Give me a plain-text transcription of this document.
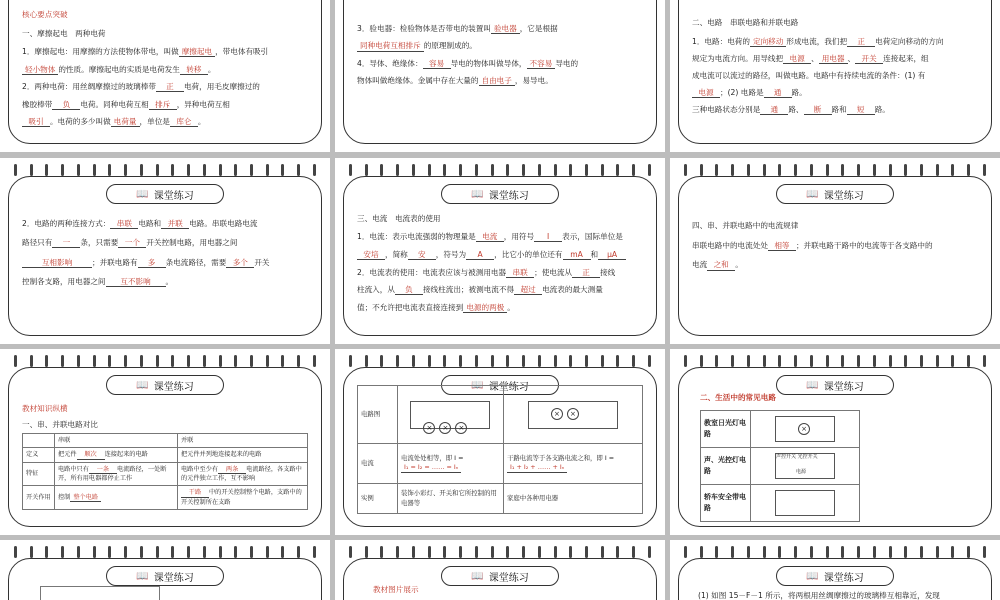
核心要点突破
一、摩擦起电　两种电荷
1．摩擦起电：用摩擦的方法使物体带电，叫做 摩擦起电 ，带电体有吸引
轻小物体 的性质。摩擦起电的实质是电荷发生 转移 。
2．两种电荷：用丝绸摩擦过的玻璃棒带 正 电荷，用毛皮摩擦过的
橡胶棒带 负 电荷。同种电荷互相 排斥 ，异种电荷互相
吸引 。电荷的多少叫做 电荷量 ，单位是 库仑 。
3．验电器：检验物体是否带电的装置叫 验电器 ，它是根据
同种电荷互相排斥 的原理制成的。
4．导体、绝缘体： 容易 导电的物体叫做导体， 不容易 导电的
物体叫做绝缘体。金属中存在大量的 自由电子 ，易导电。
二、电路　串联电路和并联电路
1．电路：电荷的 定向移动 形成电流，我们把 正 电荷定向移动的方向
规定为电流方向。用导线把 电源 、 用电器 、 开关 连接起来，组
成电流可以流过的路径，叫做电路。电路中有持续电流的条件：(1) 有
电源 ；(2) 电路是 通 路。
三种电路状态分别是 通 路、 断 路和 短 路。
📖 课堂练习
2．电路的两种连接方式： 串联 电路和 并联 电路。串联电路电流
路径只有 一 条，只需要 一个 开关控制电路，用电器之间
互相影响	；并联电路有 多 条电流路径，需要 多个 开关
控制各支路，用电器之间 互不影响 。
📖 课堂练习
三、电流　电流表的使用
1．电流：表示电流强弱的物理量是 电流 ，用符号 I 表示，国际单位是
安培 ，简称 安 ，符号为 A ，比它小的单位还有 mA 和 μA
2．电流表的使用：电流表应该与被测用电器 串联 ；使电流从 正 接线
柱流入，从 负 接线柱流出；被测电流不得 超过 电流表的最大测量
值；不允许把电流表直接连接到 电源的两极 。
📖 课堂练习
四、串、并联电路中的电流规律
串联电路中的电流处处 相等 ；并联电路干路中的电流等于各支路中的
电流 之和 。
📖 课堂练习
教材知识纵横
一、串、并联电路对比
	串联	并联
定义	把元件 顺次 连接起来的电路	把元件并列地连接起来的电路
特征	电路中只有 一条 电流路径，一处断开，所有用电器都停止工作	电路中至少有 两条 电流路径，各支路中的元件独立工作，互不影响
开关作用	控制 整个电路	干路 中的开关控制整个电路，支路中的开关控制所在支路
📖 课堂练习
电路图	× × ×	× ×

电流	电流处处相等，即 I =
I₁ = I₂ = …… = Iₙ	干路电流等于各支路电流之和，即 I =I₁ + I₂ + …… + Iₙ
实例	装饰小彩灯、开关和它所控制的用电器等	家庭中各种用电器
📖 课堂练习
二、生活中的常见电路
教室日光灯电路	×

声、光控灯电路	声控开关 光控开关
电源

轿车安全带电路	
📖 课堂练习	📖 课堂练习
教材图片展示
📖 课堂练习
(1) 如图 15－F－1 所示，将两根用丝绸摩擦过的玻璃棒互相靠近，发现
